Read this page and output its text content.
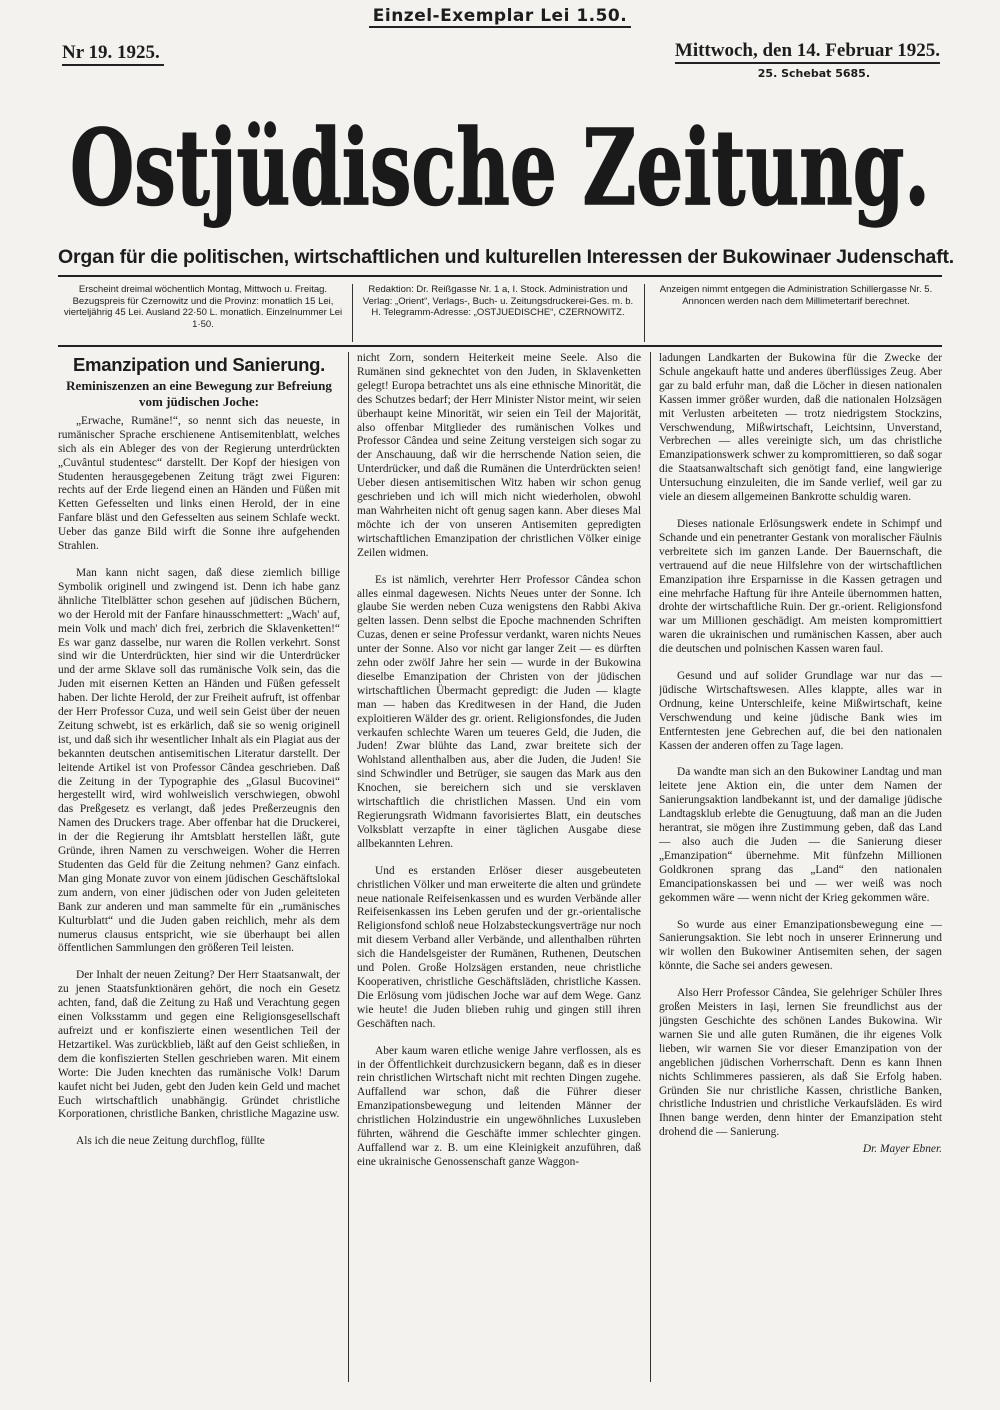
Einzel-Exemplar Lei 1.50.
Nr 19. 1925.	Mittwoch, den 14. Februar 1925.
25. Schebat 5685.
Ostjüdische Zeitung.
Organ für die politischen, wirtschaftlichen und kulturellen Interessen der Bukowinaer Judenschaft.
Erscheint dreimal wöchentlich Montag, Mittwoch u. Freitag. Bezugspreis für Czernowitz und die Provinz: monatlich 15 Lei, vierteljährig 45 Lei. Ausland 22·50 L. monatlich. Einzelnummer Lei 1·50.
Redaktion: Dr. Reißgasse Nr. 1 a, I. Stock. Administration und Verlag: „Orient“, Verlags-, Buch- u. Zeitungsdruckerei-Ges. m. b. H. Telegramm-Adresse: „OSTJUEDISCHE“, CZERNOWITZ.
Anzeigen nimmt entgegen die Administration Schillergasse Nr. 5. Annoncen werden nach dem Millimetertarif berechnet.
Emanzipation und Sanierung.
Reminiszenzen an eine Bewegung zur Befreiung vom jüdischen Joche:

„Erwache, Rumäne!“, so nennt sich das neueste, in rumänischer Sprache erschienene Antisemitenblatt, welches sich als ein Ableger des von der Regierung unterdrückten „Cuvântul studentesc“ darstellt. Der Kopf der hiesigen von Studenten herausgegebenen Zeitung trägt zwei Figuren: rechts auf der Erde liegend einen an Händen und Füßen mit Ketten Gefesselten und links einen Herold, der in eine Fanfare bläst und den Gefesselten aus seinem Schlafe weckt. Ueber das ganze Bild wirft die Sonne ihre aufgehenden Strahlen.

Man kann nicht sagen, daß diese ziemlich billige Symbolik originell und zwingend ist. Denn ich habe ganz ähnliche Titelblätter schon gesehen auf jüdischen Büchern, wo der Herold mit der Fanfare hinausschmettert: „Wach' auf, mein Volk und mach' dich frei, zerbrich die Sklavenketten!“ Es war ganz dasselbe, nur waren die Rollen verkehrt. Sonst sind wir die Unterdrückten, hier sind wir die Unterdrücker und der arme Sklave soll das rumänische Volk sein, das die Juden mit eisernen Ketten an Händen und Füßen gefesselt haben. Der lichte Herold, der zur Freiheit aufruft, ist offenbar der Herr Professor Cuza, und weil sein Geist über der neuen Zeitung schwebt, ist es erkärlich, daß sie so wenig originell ist, und daß sich ihr wesentlicher Inhalt als ein Plagiat aus der bekannten deutschen antisemitischen Literatur darstellt. Der leitende Artikel ist von Professor Cândea geschrieben. Daß die Zeitung in der Typographie des „Glasul Bucovinei“ hergestellt wird, wird wohlweislich verschwiegen, obwohl das Preßgesetz es verlangt, daß jedes Preßerzeugnis den Namen des Druckers trage. Aber offenbar hat die Druckerei, in der die Regierung ihr Amtsblatt herstellen läßt, gute Gründe, ihren Namen zu verschweigen. Woher die Herren Studenten das Geld für die Zeitung nehmen? Ganz einfach. Man ging Monate zuvor von einem jüdischen Geschäftslokal zum andern, von einer jüdischen oder von Juden geleiteten Bank zur anderen und man sammelte für ein „rumänisches Kulturblatt“ und die Juden gaben reichlich, mehr als dem numerus clausus entspricht, wie sie überhaupt bei allen öffentlichen Sammlungen den größeren Teil leisten.

Der Inhalt der neuen Zeitung? Der Herr Staatsanwalt, der zu jenen Staatsfunktionären gehört, die noch ein Gesetz achten, fand, daß die Zeitung zu Haß und Verachtung gegen einen Volksstamm und gegen eine Religionsgesellschaft aufreizt und er konfiszierte einen wesentlichen Teil der Hetzartikel. Was zurückblieb, läßt auf den Geist schließen, in dem die konfiszierten Stellen geschrieben waren. Mit einem Worte: Die Juden knechten das rumänische Volk! Darum kaufet nicht bei Juden, gebt den Juden kein Geld und machet Euch wirtschaftlich unabhängig. Gründet christliche Korporationen, christliche Banken, christliche Magazine usw.

Als ich die neue Zeitung durchflog, füllte

nicht Zorn, sondern Heiterkeit meine Seele. Also die Rumänen sind geknechtet von den Juden, in Sklavenketten gelegt! Europa betrachtet uns als eine ethnische Minorität, die des Schutzes bedarf; der Herr Minister Nistor meint, wir seien überhaupt keine Minorität, wir seien ein Teil der Majorität, also offenbar Mitglieder des rumänischen Volkes und Professor Cândea und seine Zeitung versteigen sich sogar zu der Anschauung, daß wir die herrschende Nation seien, die Unterdrücker, und daß die Rumänen die Unterdrückten seien! Ueber diesen antisemitischen Witz haben wir schon genug geschrieben und ich will mich nicht wiederholen, obwohl man Wahrheiten nicht oft genug sagen kann. Aber dieses Mal möchte ich der von unseren Antisemiten gepredigten wirtschaftlichen Emanzipation der christlichen Völker einige Zeilen widmen.

Es ist nämlich, verehrter Herr Professor Cândea schon alles einmal dagewesen. Nichts Neues unter der Sonne. Ich glaube Sie werden neben Cuza wenigstens den Rabbi Akiva gelten lassen. Denn selbst die Epoche machnenden Schriften Cuzas, denen er seine Professur verdankt, waren nichts Neues unter der Sonne. Also vor nicht gar langer Zeit — es dürften zehn oder zwölf Jahre her sein — wurde in der Bukowina dieselbe Emanzipation der Christen von der jüdischen wirtschaftlichen Übermacht gepredigt: die Juden — klagte man — haben das Kreditwesen in der Hand, die Juden exploitieren Wälder des gr. orient. Religionsfondes, die Juden verkaufen schlechte Waren um teueres Geld, die Juden, die Juden! Zwar blühte das Land, zwar breitete sich der Wohlstand allenthalben aus, aber die Juden, die Juden! Sie sind Schwindler und Betrüger, sie saugen das Mark aus den Knochen, sie bereichern sich und sie versklaven wirtschaftlich die christlichen Massen. Und ein vom Regierungsrath Widmann favorisiertes Blatt, ein deutsches Volksblatt verzapfte in einer täglichen Ausgabe diese allbekannten Lehren.

Und es erstanden Erlöser dieser ausgebeuteten christlichen Völker und man erweiterte die alten und gründete neue nationale Reifeisenkassen und es wurden Verbände aller Reifeisenkassen ins Leben gerufen und der gr.-orientalische Religionsfond schloß neue Holzabsteckungsverträge nur noch mit diesem Verband aller Verbände, und allenthalben rührten sich die Handelsgeister der Rumänen, Ruthenen, Deutschen und Polen. Große Holzsägen erstanden, neue christliche Kooperativen, christliche Geschäftsläden, christliche Kassen. Die Erlösung vom jüdischen Joche war auf dem Wege. Ganz wie heute! die Juden blieben ruhig und gingen still ihren Geschäften nach.

Aber kaum waren etliche wenige Jahre verflossen, als es in der Öffentlichkeit durchzusickern begann, daß es in dieser rein christlichen Wirtschaft nicht mit rechten Dingen zugehe. Auffallend war schon, daß die Führer dieser Emanzipationsbewegung und leitenden Männer der christlichen Holzindustrie ein ungewöhnliches Luxusleben führten, während die Geschäfte immer schlechter gingen. Auffallend war z. B. um eine Kleinigkeit anzuführen, daß eine ukrainische Genossenschaft ganze Waggon-

ladungen Landkarten der Bukowina für die Zwecke der Schule angekauft hatte und anderes überflüssiges Zeug. Aber gar zu bald erfuhr man, daß die Löcher in diesen nationalen Kassen immer größer wurden, daß die nationalen Holzsägen mit Verlusten arbeiteten — trotz niedrigstem Stockzins, Verschwendung, Mißwirtschaft, Leichtsinn, Unverstand, Verbrechen — alles vereinigte sich, um das christliche Emanzipationswerk schwer zu kompromittieren, so daß sogar die Staatsanwaltschaft sich genötigt fand, eine langwierige Untersuchung einzuleiten, die im Sande verlief, weil gar zu viele an diesem allgemeinen Bankrotte schuldig waren.

Dieses nationale Erlösungswerk endete in Schimpf und Schande und ein penetranter Gestank von moralischer Fäulnis verbreitete sich im ganzen Lande. Der Bauernschaft, die vertrauend auf die neue Hilfslehre von der wirtschaftlichen Emanzipation ihre Ersparnisse in die Kassen getragen und eine mehrfache Haftung für ihre Anteile übernommen hatten, drohte der wirtschaftliche Ruin. Der gr.-orient. Religionsfond war um Millionen geschädigt. Am meisten kompromittiert waren die ukrainischen und rumänischen Kassen, aber auch die deutschen und polnischen Kassen waren faul.

Gesund und auf solider Grundlage war nur das — jüdische Wirtschaftswesen. Alles klappte, alles war in Ordnung, keine Unterschleife, keine Mißwirtschaft, keine Verschwendung und keine jüdische Bank wies im Entferntesten jene Gebrechen auf, die bei den nationalen Kassen der anderen offen zu Tage lagen.

Da wandte man sich an den Bukowiner Landtag und man leitete jene Aktion ein, die unter dem Namen der Sanierungsaktion landbekannt ist, und der damalige jüdische Landtagsklub erlebte die Genugtuung, daß man an die Juden herantrat, sie mögen ihre Zustimmung geben, daß das Land — also auch die Juden — die Sanierung dieser „Emanzipation“ übernehme. Mit fünfzehn Millionen Goldkronen sprang das „Land“ den nationalen Emancipationskassen bei und — wer weiß was noch gekommen wäre — wenn nicht der Krieg gekommen wäre.

So wurde aus einer Emanzipationsbewegung eine — Sanierungsaktion. Sie lebt noch in unserer Erinnerung und wir wollen den Bukowiner Antisemiten sehen, der sagen könnte, die Sache sei anders gewesen.

Also Herr Professor Cândea, Sie gelehriger Schüler Ihres großen Meisters in Iași, lernen Sie freundlichst aus der jüngsten Geschichte des schönen Landes Bukowina. Wir warnen Sie und alle guten Rumänen, die ihr eigenes Volk lieben, wir warnen Sie vor dieser Emanzipation von der angeblichen jüdischen Vorherrschaft. Denn es kann Ihnen nichts Schlimmeres passieren, als daß Sie Erfolg haben. Gründen Sie nur christliche Kassen, christliche Banken, christliche Industrien und christliche Verkaufsläden. Es wird Ihnen bange werden, denn hinter der Emanzipation steht drohend die — Sanierung.

Dr. Mayer Ebner.
